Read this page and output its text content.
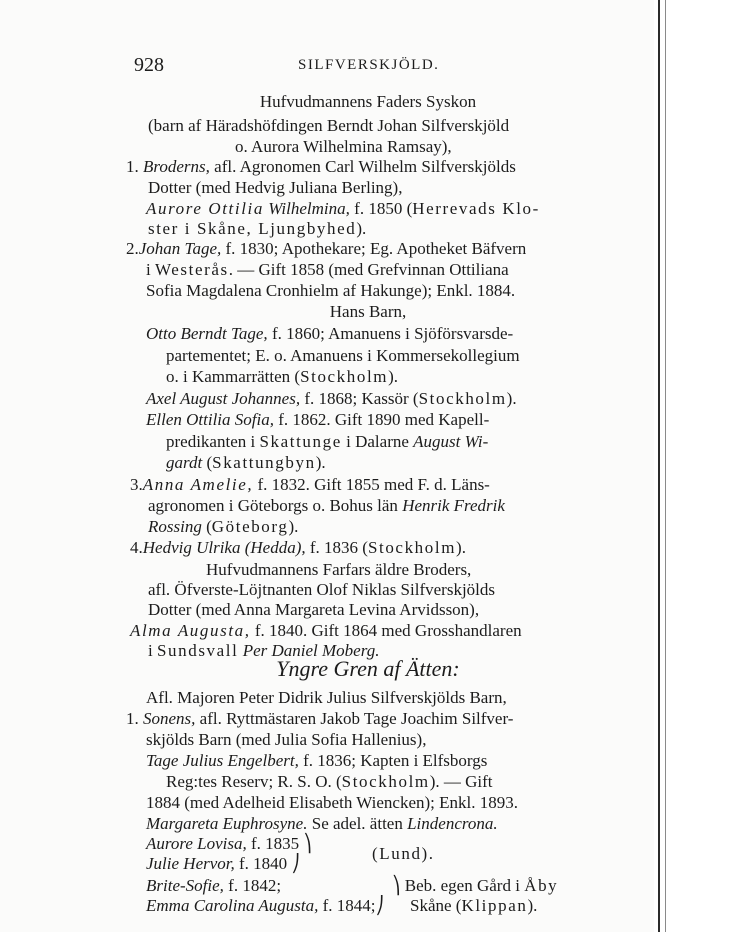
928	SILFVERSKJÖLD.
Hufvudmannens Faders Syskon
(barn af Häradshöfdingen Berndt Johan Silfverskjöld
o. Aurora Wilhelmina Ramsay),
1. Broderns, afl. Agronomen Carl Wilhelm Silfverskjölds
Dotter (med Hedvig Juliana Berling),
Aurore Ottilia Wilhelmina, f. 1850 (Herrevads Klo-
ster i Skåne, Ljungbyhed).
2.Johan Tage, f. 1830; Apothekare; Eg. Apotheket Bäfvern
i Westerås. — Gift 1858 (med Grefvinnan Ottiliana
Sofia Magdalena Cronhielm af Hakunge); Enkl. 1884.
Hans Barn,
Otto Berndt Tage, f. 1860; Amanuens i Sjöförsvarsde-
partementet; E. o. Amanuens i Kommersekollegium
o. i Kammarrätten (Stockholm).
Axel August Johannes, f. 1868; Kassör (Stockholm).
Ellen Ottilia Sofia, f. 1862. Gift 1890 med Kapell-
predikanten i Skattunge i Dalarne August Wi-
gardt (Skattungbyn).
3.Anna Amelie, f. 1832. Gift 1855 med F. d. Läns-
agronomen i Göteborgs o. Bohus län Henrik Fredrik
Rossing (Göteborg).
4.Hedvig Ulrika (Hedda), f. 1836 (Stockholm).
Hufvudmannens Farfars äldre Broders,
afl. Öfverste-Löjtnanten Olof Niklas Silfverskjölds
Dotter (med Anna Margareta Levina Arvidsson),
Alma Augusta, f. 1840. Gift 1864 med Grosshandlaren
i Sundsvall Per Daniel Moberg.
Yngre Gren af Ätten:
Afl. Majoren Peter Didrik Julius Silfverskjölds Barn,
1. Sonens, afl. Ryttmästaren Jakob Tage Joachim Silfver-
skjölds Barn (med Julia Sofia Hallenius),
Tage Julius Engelbert, f. 1836; Kapten i Elfsborgs
Reg:tes Reserv; R. S. O. (Stockholm). — Gift
1884 (med Adelheid Elisabeth Wiencken); Enkl. 1893.
Margareta Euphrosyne. Se adel. ätten Lindencrona.
Aurore Lovisa, f. 1835 ⎞
(Lund).
Julie Hervor, f. 1840 ⎠
Brite-Sofie, f. 1842;	⎞ Beb. egen Gård i Åby
Emma Carolina Augusta, f. 1844;⎠ Skåne (Klippan).
